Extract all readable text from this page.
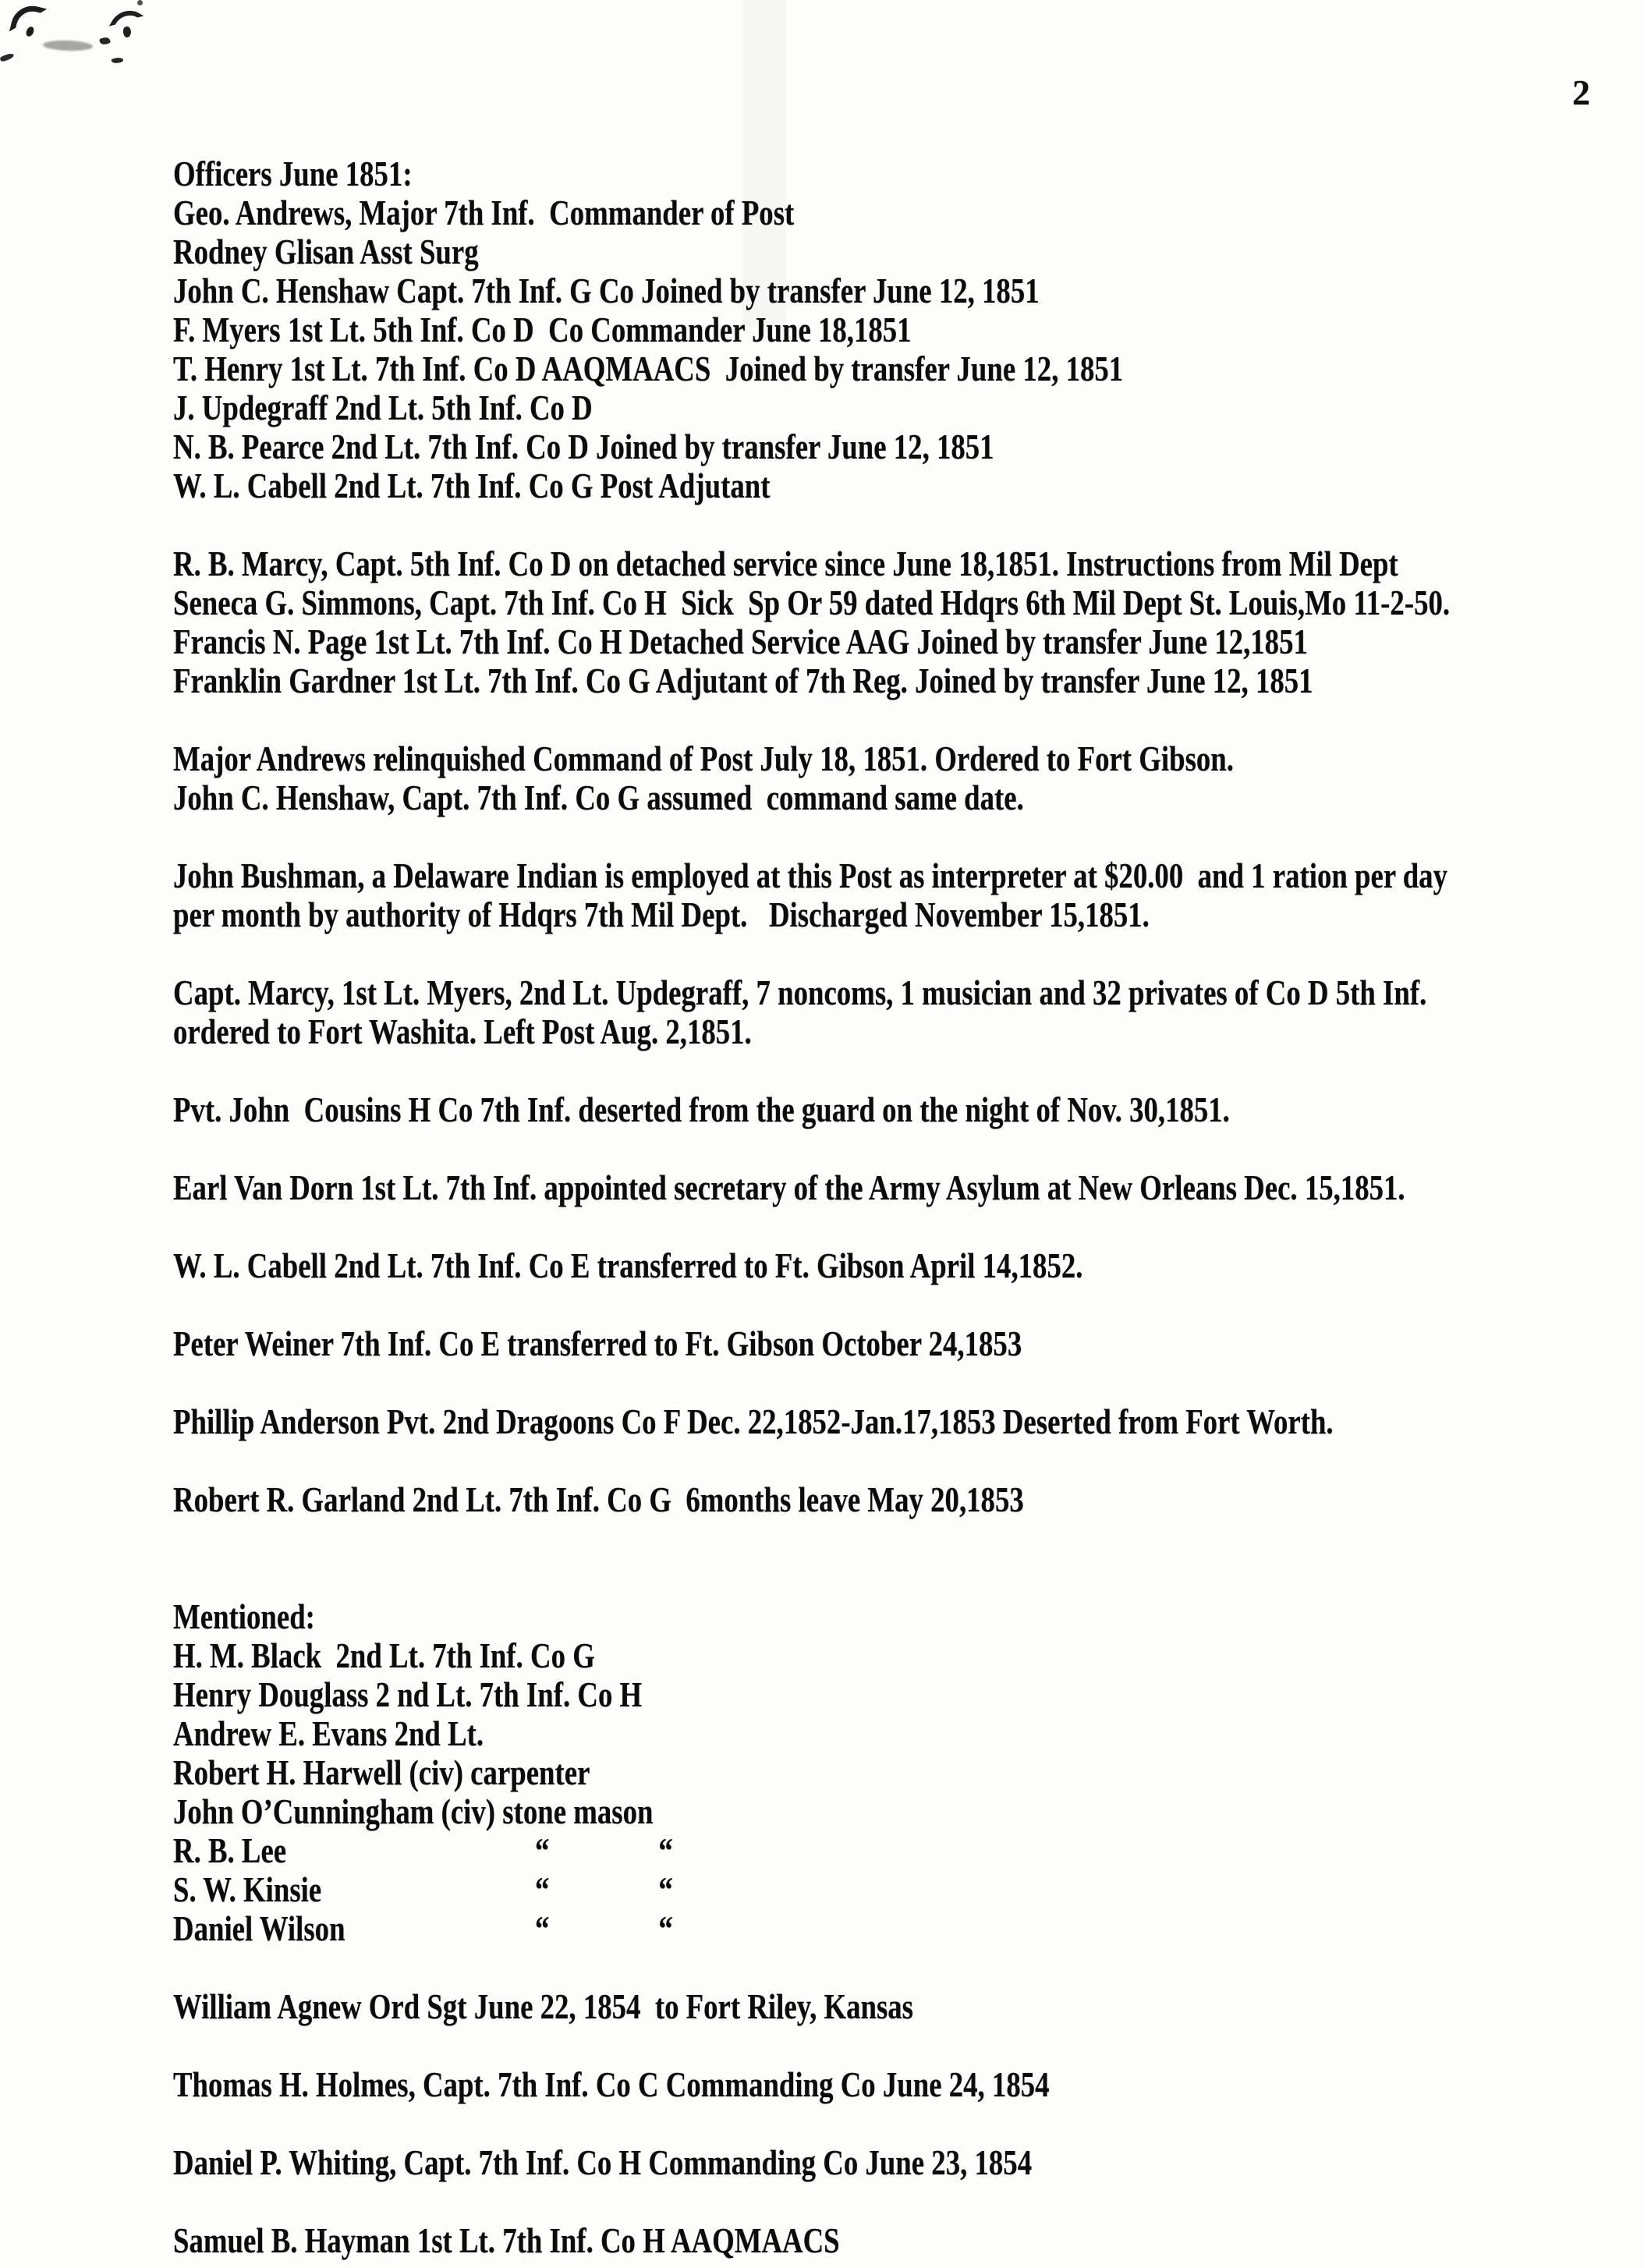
2
Officers June 1851:
Geo. Andrews, Major 7th Inf.  Commander of Post
Rodney Glisan Asst Surg
John C. Henshaw Capt. 7th Inf. G Co Joined by transfer June 12, 1851
F. Myers 1st Lt. 5th Inf. Co D  Co Commander June 18,1851
T. Henry 1st Lt. 7th Inf. Co D AAQMAACS  Joined by transfer June 12, 1851
J. Updegraff 2nd Lt. 5th Inf. Co D
N. B. Pearce 2nd Lt. 7th Inf. Co D Joined by transfer June 12, 1851
W. L. Cabell 2nd Lt. 7th Inf. Co G Post Adjutant
R. B. Marcy, Capt. 5th Inf. Co D on detached service since June 18,1851. Instructions from Mil Dept
Seneca G. Simmons, Capt. 7th Inf. Co H  Sick  Sp Or 59 dated Hdqrs 6th Mil Dept St. Louis,Mo 11-2-50.
Francis N. Page 1st Lt. 7th Inf. Co H Detached Service AAG Joined by transfer June 12,1851
Franklin Gardner 1st Lt. 7th Inf. Co G Adjutant of 7th Reg. Joined by transfer June 12, 1851
Major Andrews relinquished Command of Post July 18, 1851. Ordered to Fort Gibson.
John C. Henshaw, Capt. 7th Inf. Co G assumed  command same date.
John Bushman, a Delaware Indian is employed at this Post as interpreter at $20.00  and 1 ration per day
per month by authority of Hdqrs 7th Mil Dept.   Discharged November 15,1851.
Capt. Marcy, 1st Lt. Myers, 2nd Lt. Updegraff, 7 noncoms, 1 musician and 32 privates of Co D 5th Inf.
ordered to Fort Washita. Left Post Aug. 2,1851.
Pvt. John  Cousins H Co 7th Inf. deserted from the guard on the night of Nov. 30,1851.
Earl Van Dorn 1st Lt. 7th Inf. appointed secretary of the Army Asylum at New Orleans Dec. 15,1851.
W. L. Cabell 2nd Lt. 7th Inf. Co E transferred to Ft. Gibson April 14,1852.
Peter Weiner 7th Inf. Co E transferred to Ft. Gibson October 24,1853
Phillip Anderson Pvt. 2nd Dragoons Co F Dec. 22,1852-Jan.17,1853 Deserted from Fort Worth.
Robert R. Garland 2nd Lt. 7th Inf. Co G  6months leave May 20,1853
Mentioned:
H. M. Black  2nd Lt. 7th Inf. Co G
Henry Douglass 2 nd Lt. 7th Inf. Co H
Andrew E. Evans 2nd Lt.
Robert H. Harwell (civ) carpenter
John O’Cunningham (civ) stone mason
R. B. Lee	“	“
S. W. Kinsie	“	“
Daniel Wilson	“	“
William Agnew Ord Sgt June 22, 1854  to Fort Riley, Kansas
Thomas H. Holmes, Capt. 7th Inf. Co C Commanding Co June 24, 1854
Daniel P. Whiting, Capt. 7th Inf. Co H Commanding Co June 23, 1854
Samuel B. Hayman 1st Lt. 7th Inf. Co H AAQMAACS
